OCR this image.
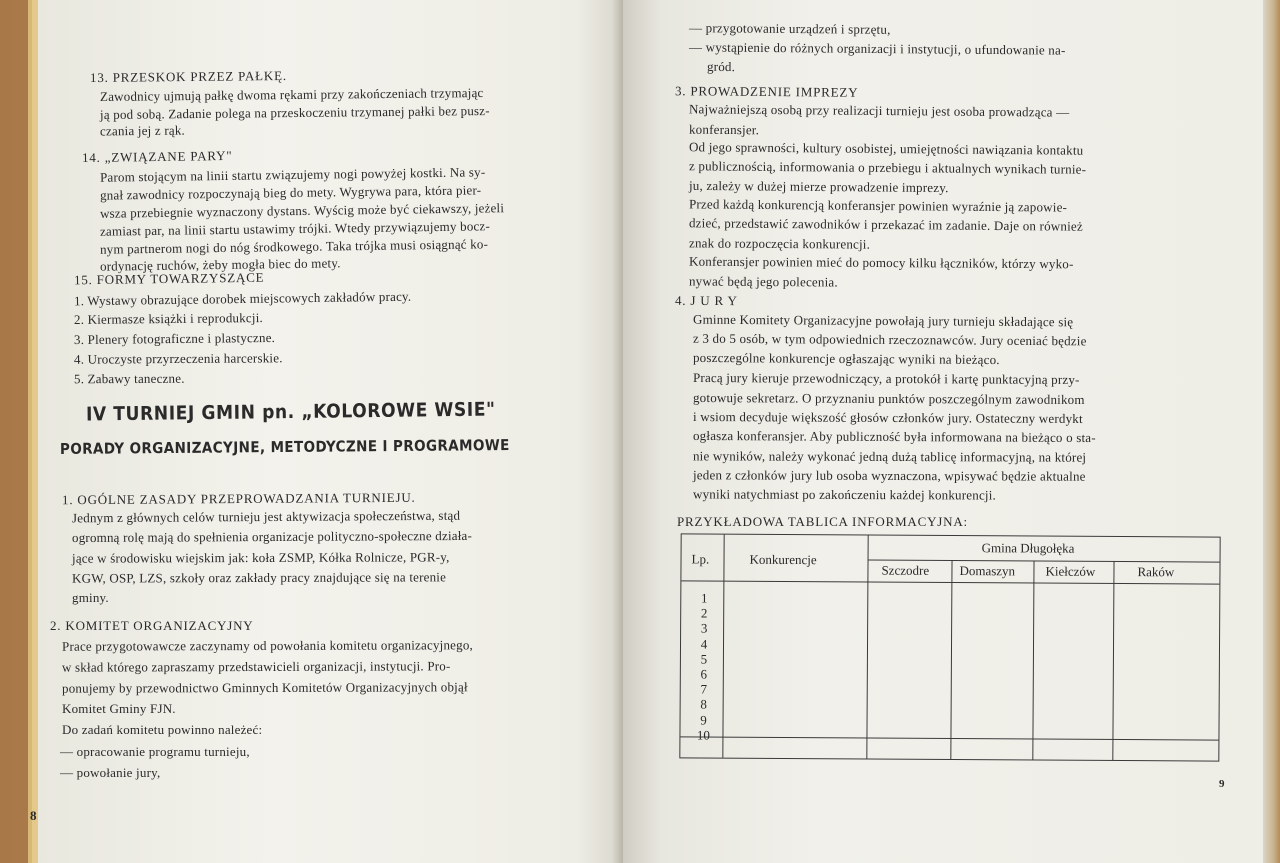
13. PRZESKOK PRZEZ PAŁKĘ.
Zawodnicy ujmują pałkę dwoma rękami przy zakończeniach trzymając
ją pod sobą. Zadanie polega na przeskoczeniu trzymanej pałki bez pusz-
czania jej z rąk.
14. „ZWIĄZANE PARY"
Parom stojącym na linii startu związujemy nogi powyżej kostki. Na sy-
gnał zawodnicy rozpoczynają bieg do mety. Wygrywa para, która pier-
wsza przebiegnie wyznaczony dystans. Wyścig może być ciekawszy, jeżeli
zamiast par, na linii startu ustawimy trójki. Wtedy przywiązujemy bocz-
nym partnerom nogi do nóg środkowego. Taka trójka musi osiągnąć ko-
ordynację ruchów, żeby mogła biec do mety.
15. FORMY TOWARZYSZĄCE
1. Wystawy obrazujące dorobek miejscowych zakładów pracy.
2. Kiermasze książki i reprodukcji.
3. Plenery fotograficzne i plastyczne.
4. Uroczyste przyrzeczenia harcerskie.
5. Zabawy taneczne.
IV TURNIEJ GMIN pn. „KOLOROWE WSIE"
PORADY ORGANIZACYJNE, METODYCZNE I PROGRAMOWE
1. OGÓLNE ZASADY PRZEPROWADZANIA TURNIEJU.
Jednym z głównych celów turnieju jest aktywizacja społeczeństwa, stąd
ogromną rolę mają do spełnienia organizacje polityczno-społeczne działa-
jące w środowisku wiejskim jak: koła ZSMP, Kółka Rolnicze, PGR-y,
KGW, OSP, LZS, szkoły oraz zakłady pracy znajdujące się na terenie
gminy.
2. KOMITET ORGANIZACYJNY
Prace przygotowawcze zaczynamy od powołania komitetu organizacyjnego,
w skład którego zapraszamy przedstawicieli organizacji, instytucji. Pro-
ponujemy by przewodnictwo Gminnych Komitetów Organizacyjnych objął
Komitet Gminy FJN.
Do zadań komitetu powinno należeć:
— opracowanie programu turnieju,
— powołanie jury,
8
— przygotowanie urządzeń i sprzętu,
— wystąpienie do różnych organizacji i instytucji, o ufundowanie na-
gród.
3. PROWADZENIE IMPREZY
Najważniejszą osobą przy realizacji turnieju jest osoba prowadząca —
konferansjer.
Od jego sprawności, kultury osobistej, umiejętności nawiązania kontaktu
z publicznością, informowania o przebiegu i aktualnych wynikach turnie-
ju, zależy w dużej mierze prowadzenie imprezy.
Przed każdą konkurencją konferansjer powinien wyraźnie ją zapowie-
dzieć, przedstawić zawodników i przekazać im zadanie. Daje on również
znak do rozpoczęcia konkurencji.
Konferansjer powinien mieć do pomocy kilku łączników, którzy wyko-
nywać będą jego polecenia.
4. J U R Y
Gminne Komitety Organizacyjne powołają jury turnieju składające się
z 3 do 5 osób, w tym odpowiednich rzeczoznawców. Jury oceniać będzie
poszczególne konkurencje ogłaszając wyniki na bieżąco.
Pracą jury kieruje przewodniczący, a protokół i kartę punktacyjną przy-
gotowuje sekretarz. O przyznaniu punktów poszczególnym zawodnikom
i wsiom decyduje większość głosów członków jury. Ostateczny werdykt
ogłasza konferansjer. Aby publiczność była informowana na bieżąco o sta-
nie wyników, należy wykonać jedną dużą tablicę informacyjną, na której
jeden z członków jury lub osoba wyznaczona, wpisywać będzie aktualne
wyniki natychmiast po zakończeniu każdej konkurencji.
PRZYKŁADOWA TABLICA INFORMACYJNA:
9
Lp.	Konkurencje
Gmina Długołęka
Szczodre Domaszyn Kiełczów	Raków
1
2
3
4
5
6
7
8
9
10
